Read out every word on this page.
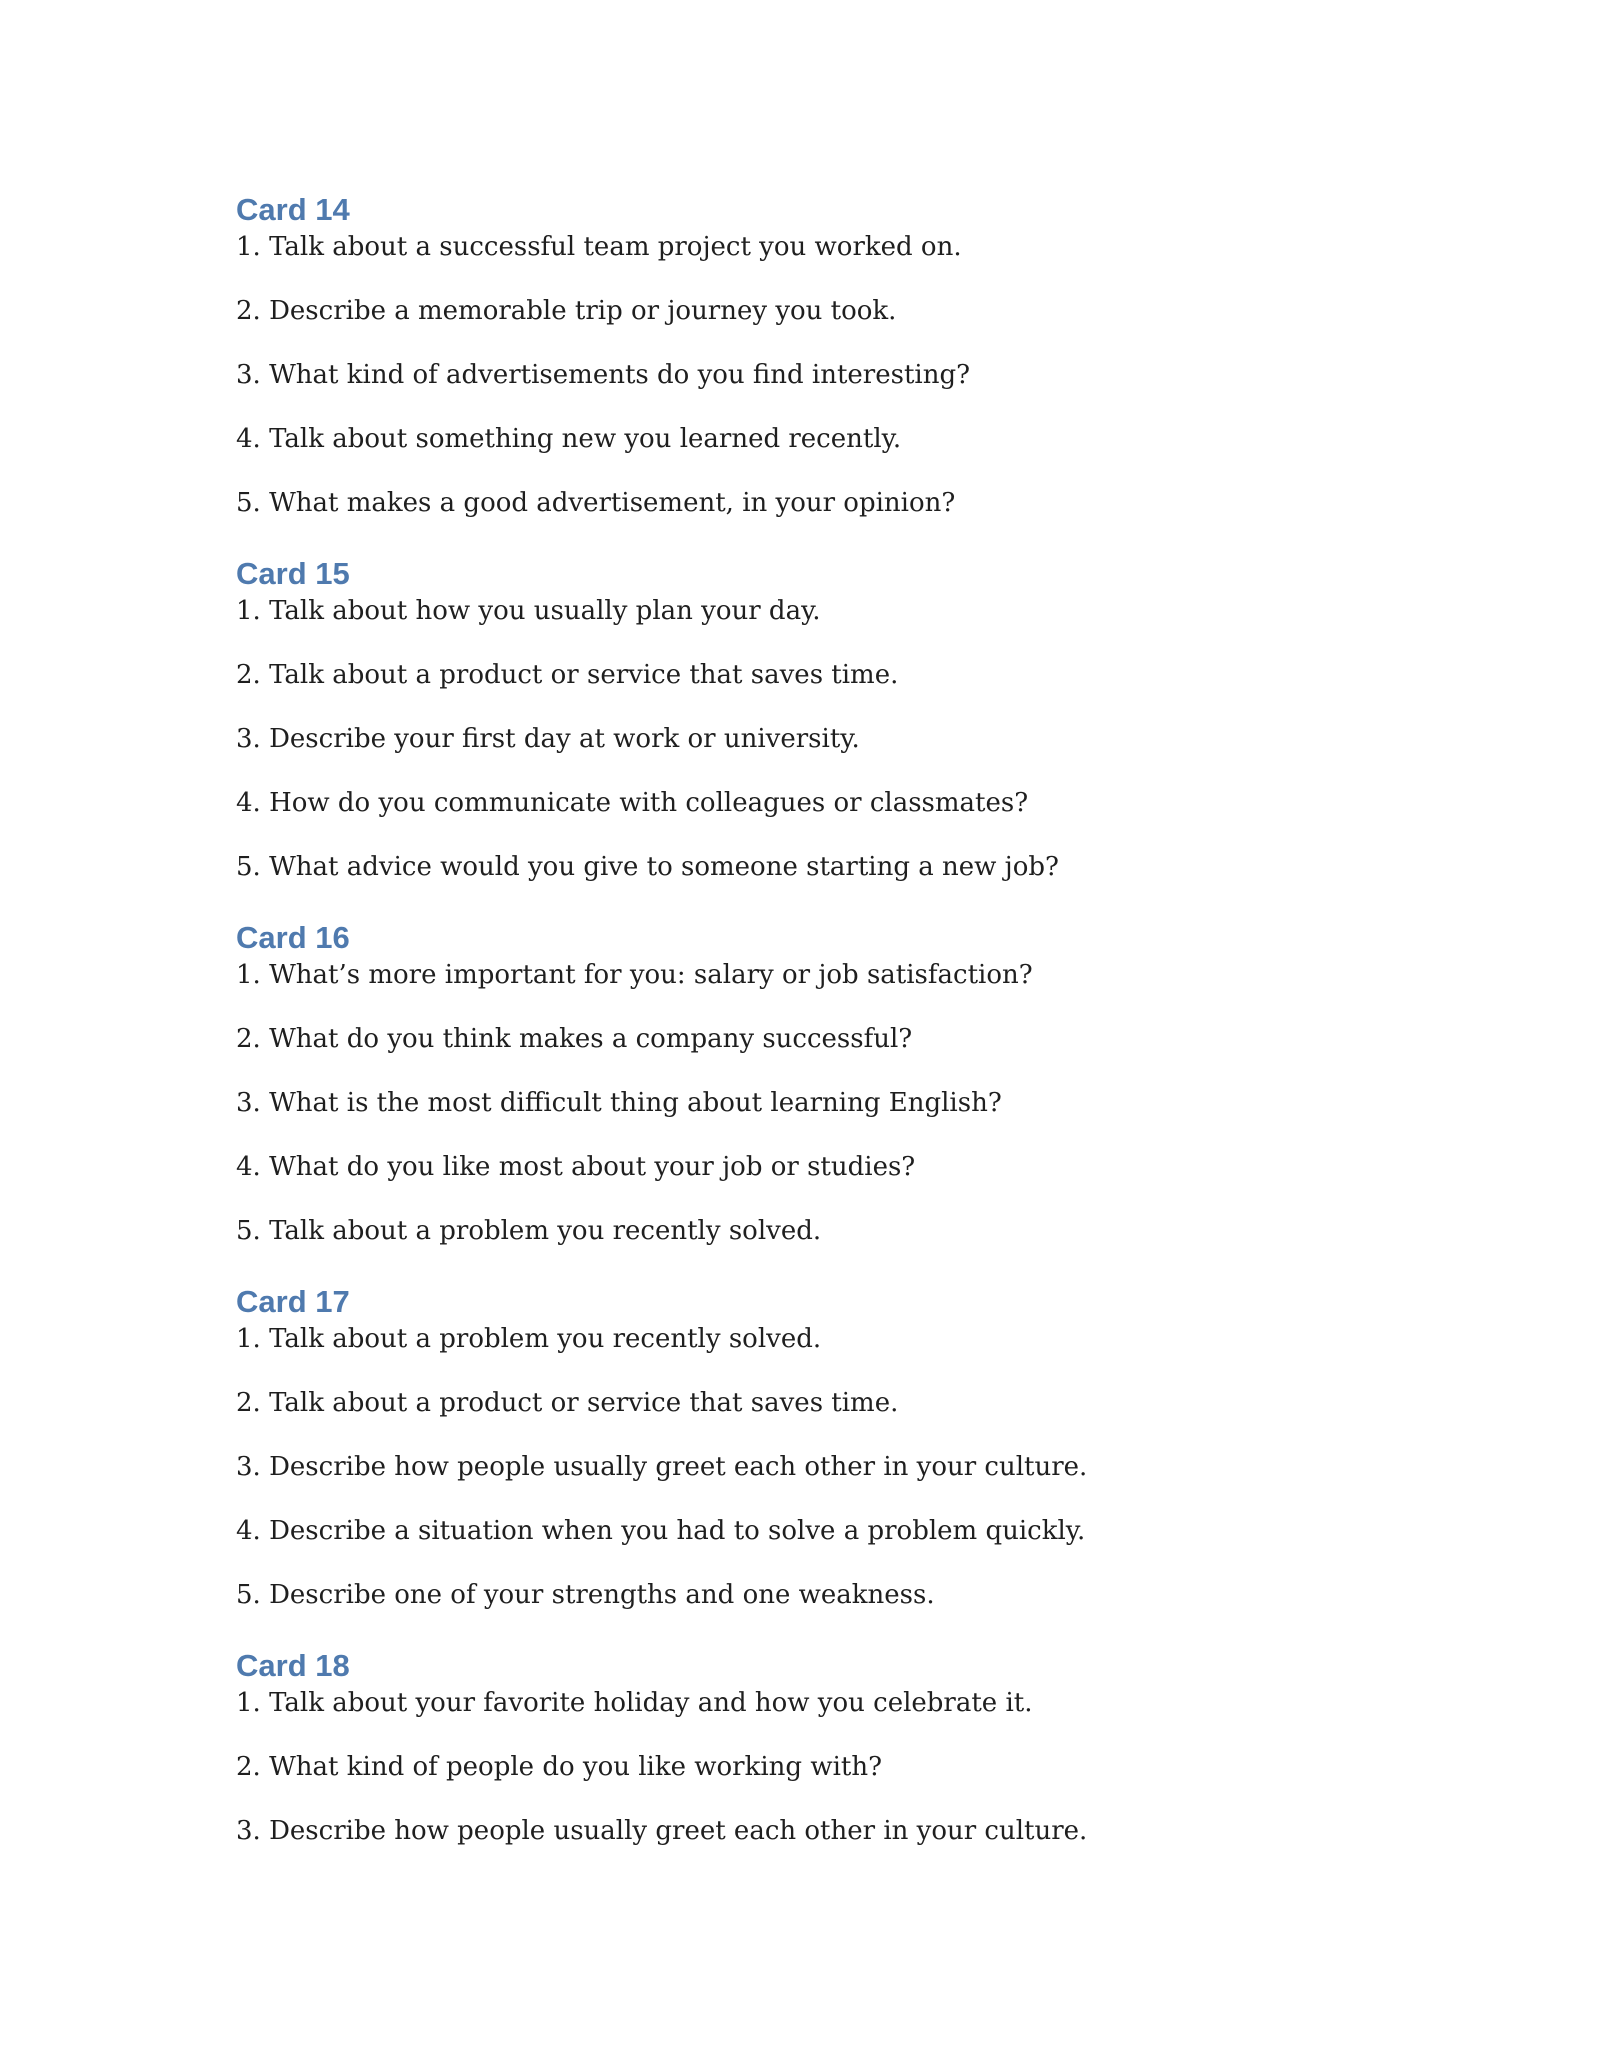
Card 14
1. Talk about a successful team project you worked on.
2. Describe a memorable trip or journey you took.
3. What kind of advertisements do you find interesting?
4. Talk about something new you learned recently.
5. What makes a good advertisement, in your opinion?
Card 15
1. Talk about how you usually plan your day.
2. Talk about a product or service that saves time.
3. Describe your first day at work or university.
4. How do you communicate with colleagues or classmates?
5. What advice would you give to someone starting a new job?
Card 16
1. What’s more important for you: salary or job satisfaction?
2. What do you think makes a company successful?
3. What is the most difficult thing about learning English?
4. What do you like most about your job or studies?
5. Talk about a problem you recently solved.
Card 17
1. Talk about a problem you recently solved.
2. Talk about a product or service that saves time.
3. Describe how people usually greet each other in your culture.
4. Describe a situation when you had to solve a problem quickly.
5. Describe one of your strengths and one weakness.
Card 18
1. Talk about your favorite holiday and how you celebrate it.
2. What kind of people do you like working with?
3. Describe how people usually greet each other in your culture.
